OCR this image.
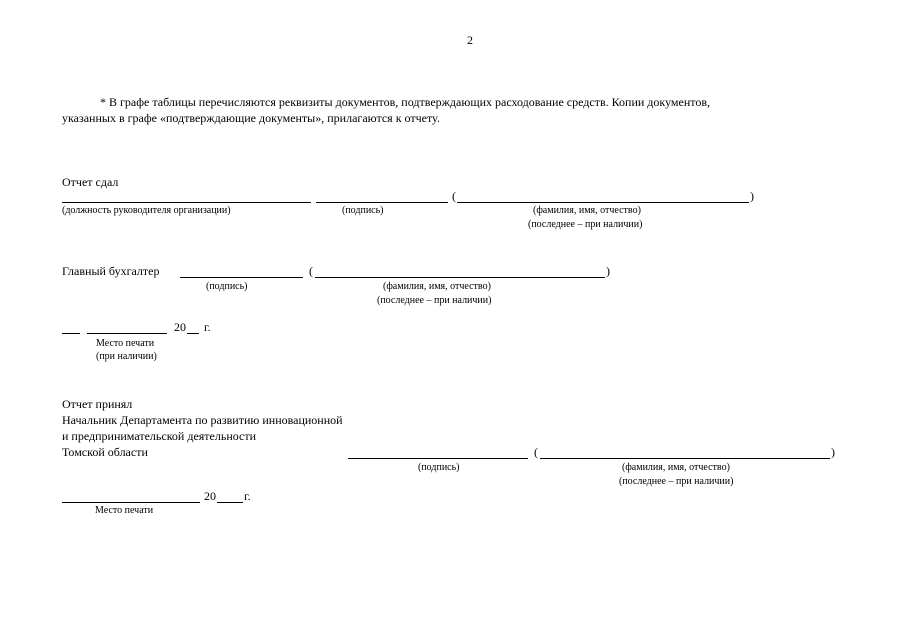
2
* В графе таблицы перечисляются реквизиты документов, подтверждающих расходование средств. Копии документов,
указанных в графе «подтверждающие документы», прилагаются к отчету.
Отчет сдал
(	)
(должность руководителя организации)	(подпись)	(фамилия, имя, отчество)
(последнее – при наличии)
Главный бухгалтер	(	)
(подпись)	(фамилия, имя, отчество)
(последнее – при наличии)
20 г.
Место печати
(при наличии)
Отчет принял
Начальник Департамента по развитию инновационной
и предпринимательской деятельности
Томской области	(	)
(подпись)	(фамилия, имя, отчество)
(последнее – при наличии)
20 г.
Место печати
